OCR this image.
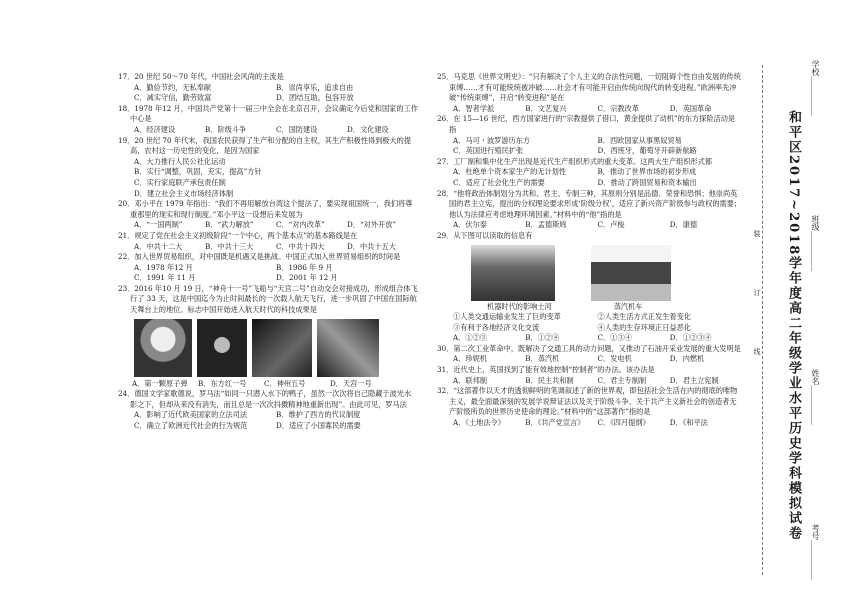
17．20 世纪 50～70 年代，中国社会风尚的主流是
A．勤俭节约，无私奉献	B．崇尚享乐，追求自由
C．减实守信，勤劳致富	D．团结互助，包容开放
18．1978 年12 月，中国共产党第十一届三中全会在北京召开，会议确定今后党和国家的工作中心是
A．经济建设	B．阶级斗争	C．国防建设	D．文化建设
19．20 世纪 70 年代末，我国农民获得了生产和分配的自主权，其生产积极性得到极大的提高，农村这一历史性的变化，是因为国家
A．大力推行人民公社化运动
B．实行“调整，巩固，充实，提高”方针
C．实行家庭联产承包责任制
D．建立社会主义市场经济体制
20．邓小平在 1979 年指出：“我们不再用解放台湾这个提法了，要实现祖国统一，我们将尊重那里的现实和现行制度。”邓小平这一设想后来发展为
A．“一国两制”	B．“武力解放”	C．“对内改革”	D．“对外开放”
21．规定了党在社会主义初级阶段“一个中心，两个基本点”的基本路线是在
A．中共十二大	B．中共十三大	C．中共十四大	D．中共十五大
22．加入世界贸易组织，对中国既是机遇又是挑战。中国正式加入世界贸易组织的时间是
A．1978 年12 月	B．1986 年 9 月
C．1991 年 11 月	D．2001 年 12 月
23．2016 年10 月 19 日，“神舟十一号”飞船与“天宫二号”自动交会对接成功，形成组合体飞行了 33 天，这是中国迄今为止时间最长的一次载人航天飞行，进一步巩固了中国在国际航天舞台上的地位。标志中国开始进入航天时代的科技成果是
A．第一颗原子弹	B．东方红一号	C．神州五号	D．天宫一号
24．德国文学家歌德说，罗马法“如同一只潜入水下的鸭子，虽然一次次将自己隐藏于波光水影之下，但却从来没有消失，而且总是一次次抖擞精神地重新出现”。由此可见，罗马法
A．影响了近代欧美国家的立法司法	B．维护了西方的代议制度
C．确立了欧洲近代社会的行为规范	D．适应了小国寡民的需要
25．马克思《世界文明史》：“只有解决了个人主义的合法性问题，一切阻碍个性自由发展的传统束缚……才有可能统统被冲破……社会才有可能开启由传统向现代的转变进程。”欧洲率先冲破“传统束缚”，开启“转变进程”是在
A．智者学派	B．文艺复兴	C．宗教改革	D．英国革命
26．在 15—16 世纪，西方国家进行的“宗教提供了借口，黄金提供了动机”的东方探险活动是指
A．马可・波罗游历东方	B．西欧国家从事黑奴贸易
C．英国进行殖民扩张	D．西班牙，葡萄牙开辟新航路
27．工厂制和集中化生产出现是近代生产组织形式的重大变革。这两大生产组织形式都
A．杜绝单个资本家生产的无计划性	B．推动了世界市场的初步形成
C．适应了社会化生产的需要	D．推动了跨国贸易和资本输出
28．“他将政治体制划分为共和、君主、专制三种，其原则分别是品德、荣誉和恐惧；他崇尚英国的君主立宪，提出的分权理论要求形成‘阶级分权’，适应了新兴资产阶级参与政权的需要；他认为法律应考虑地理环境因素。”材料中的“他”指的是
A．伏尔泰	B．孟德斯鸠	C．卢梭	D．康德
29．从下图可以读取的信息有
机器时代的影响士河	蒸汽机车
①人类交通运输业发生了巨的变革	②人类生活方式正发生着变化
③有利于各地经济文化交流	④人类的生存环境正日益恶化
A．①②③	B．①②④	C．①③④	D．①②③④
30．第二次工业革命中，既解决了交通工具的动力问题，又推动了石油开采业发展的重大发明是
A．珍妮机	B．蒸汽机	C．发电机	D．内燃机
31．近代史上，英国找到了能有效地控制“控制者”的办法。该办法是
A．联邦制	B．民主共和制	C．君主专制制	D．君主立宪制
32．“这部著作以天才的透彻鲜明的笔调叙述了新的世界观，即包括社会生活在内的彻底的唯物主义，最全面最深刻的发展学说辩证法以及关于阶级斗争、关于共产主义新社会的创造者无产阶级所负的世界历史使命的理论。”材料中的“这部著作”指的是
A．《土地法令》	B．《共产党宣言》	C．《四月提纲》	D．《和平法
装
订
线 和平区2017~2018学年度高二年级学业水平历史学科模拟试卷
学校__________
班级__________
姓名__________
考号__________
